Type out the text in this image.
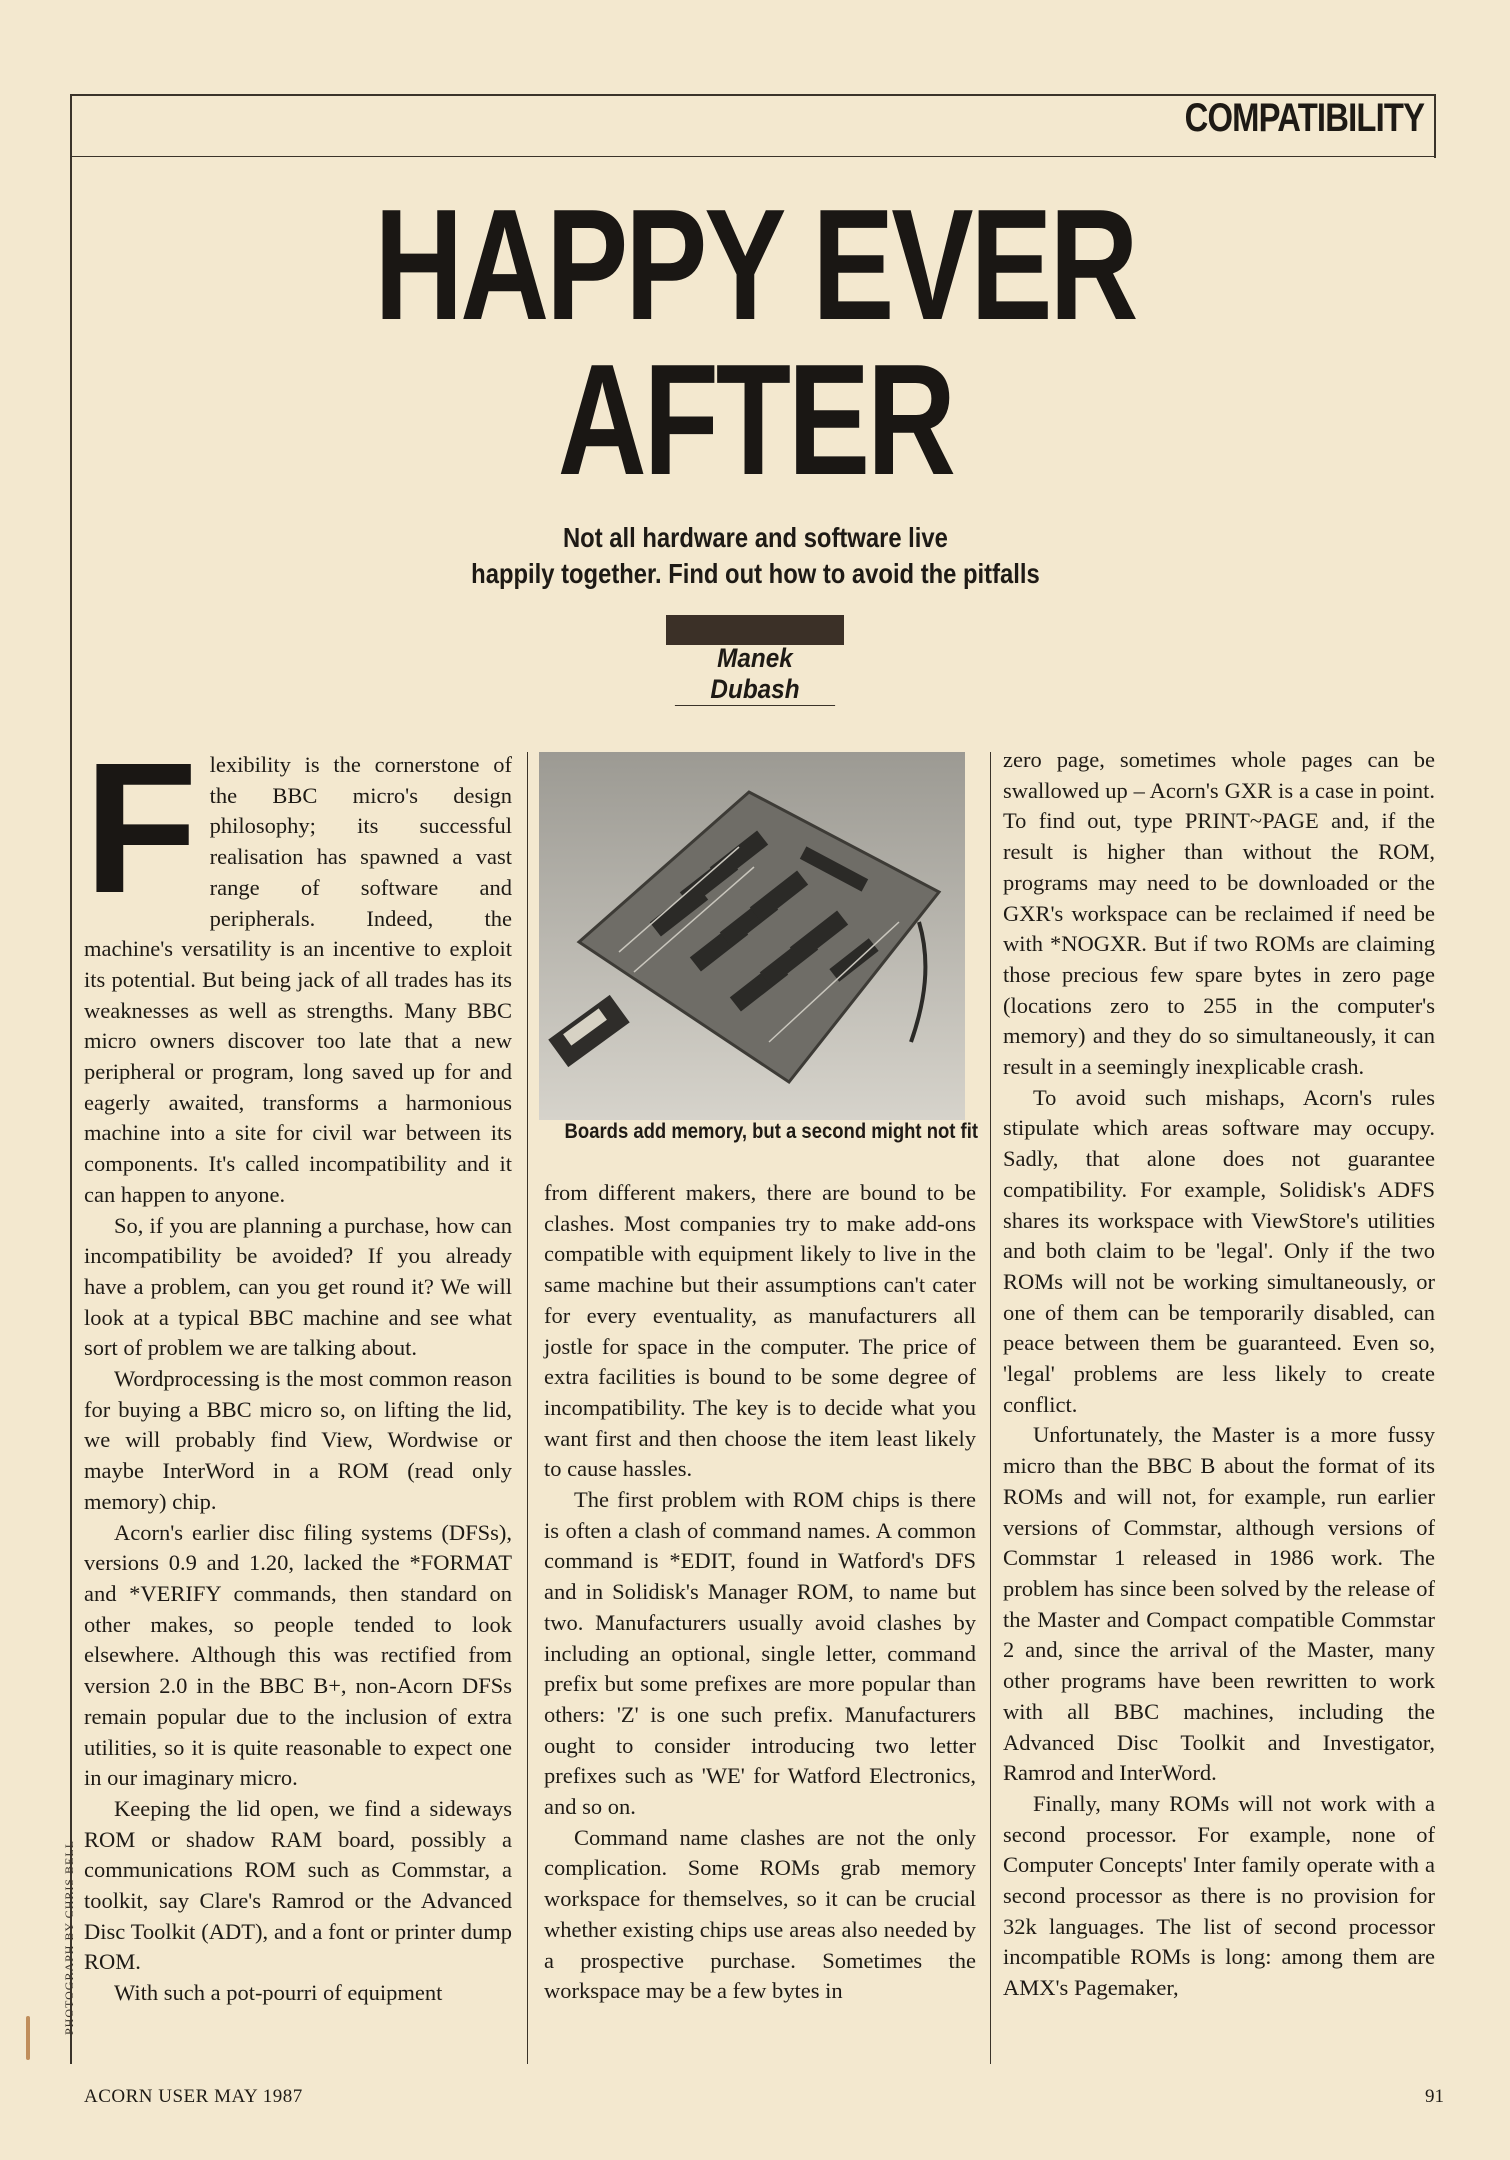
COMPATIBILITY
HAPPY EVER
AFTER
Not all hardware and software live
happily together. Find out how to avoid the pitfalls
Manek Dubash

Flexibility is the cornerstone of the BBC micro's design philosophy; its successful realisation has spawned a vast range of software and peripherals. Indeed, the machine's versatility is an incentive to exploit its potential. But being jack of all trades has its weaknesses as well as strengths. Many BBC micro owners discover too late that a new peripheral or program, long saved up for and eagerly awaited, transforms a harmonious machine into a site for civil war between its components. It's called incompatibility and it can happen to anyone.

So, if you are planning a purchase, how can incompatibility be avoided? If you already have a problem, can you get round it? We will look at a typical BBC machine and see what sort of problem we are talking about.

Wordprocessing is the most common reason for buying a BBC micro so, on lifting the lid, we will probably find View, Wordwise or maybe InterWord in a ROM (read only memory) chip.

Acorn's earlier disc filing systems (DFSs), versions 0.9 and 1.20, lacked the *FORMAT and *VERIFY commands, then standard on other makes, so people tended to look elsewhere. Although this was rectified from version 2.0 in the BBC B+, non-Acorn DFSs remain popular due to the inclusion of extra utilities, so it is quite reasonable to expect one in our imaginary micro.

Keeping the lid open, we find a sideways ROM or shadow RAM board, possibly a communications ROM such as Commstar, a toolkit, say Clare's Ramrod or the Advanced Disc Toolkit (ADT), and a font or printer dump ROM.

With such a pot-pourri of equipment

Boards add memory, but a second might not fit

from different makers, there are bound to be clashes. Most companies try to make add-ons compatible with equipment likely to live in the same machine but their assumptions can't cater for every eventuality, as manufacturers all jostle for space in the computer. The price of extra facilities is bound to be some degree of incompatibility. The key is to decide what you want first and then choose the item least likely to cause hassles.

The first problem with ROM chips is there is often a clash of command names. A common command is *EDIT, found in Watford's DFS and in Solidisk's Manager ROM, to name but two. Manufacturers usually avoid clashes by including an optional, single letter, command prefix but some prefixes are more popular than others: 'Z' is one such prefix. Manufacturers ought to consider introducing two letter prefixes such as 'WE' for Watford Electronics, and so on.

Command name clashes are not the only complication. Some ROMs grab memory workspace for themselves, so it can be crucial whether existing chips use areas also needed by a prospective purchase. Sometimes the workspace may be a few bytes in

zero page, sometimes whole pages can be swallowed up – Acorn's GXR is a case in point. To find out, type PRINT~PAGE and, if the result is higher than without the ROM, programs may need to be downloaded or the GXR's workspace can be reclaimed if need be with *NOGXR. But if two ROMs are claiming those precious few spare bytes in zero page (locations zero to 255 in the computer's memory) and they do so simultaneously, it can result in a seemingly inexplicable crash.

To avoid such mishaps, Acorn's rules stipulate which areas software may occupy. Sadly, that alone does not guarantee compatibility. For example, Solidisk's ADFS shares its workspace with ViewStore's utilities and both claim to be 'legal'. Only if the two ROMs will not be working simultaneously, or one of them can be temporarily disabled, can peace between them be guaranteed. Even so, 'legal' problems are less likely to create conflict.

Unfortunately, the Master is a more fussy micro than the BBC B about the format of its ROMs and will not, for example, run earlier versions of Commstar, although versions of Commstar 1 released in 1986 work. The problem has since been solved by the release of the Master and Compact compatible Commstar 2 and, since the arrival of the Master, many other programs have been rewritten to work with all BBC machines, including the Advanced Disc Toolkit and Investigator, Ramrod and InterWord.

Finally, many ROMs will not work with a second processor. For example, none of Computer Concepts' Inter family operate with a second processor as there is no provision for 32k languages. The list of second processor incompatible ROMs is long: among them are AMX's Pagemaker,

PHOTOGRAPH BY CHRIS BELL
ACORN USER MAY 1987	91
